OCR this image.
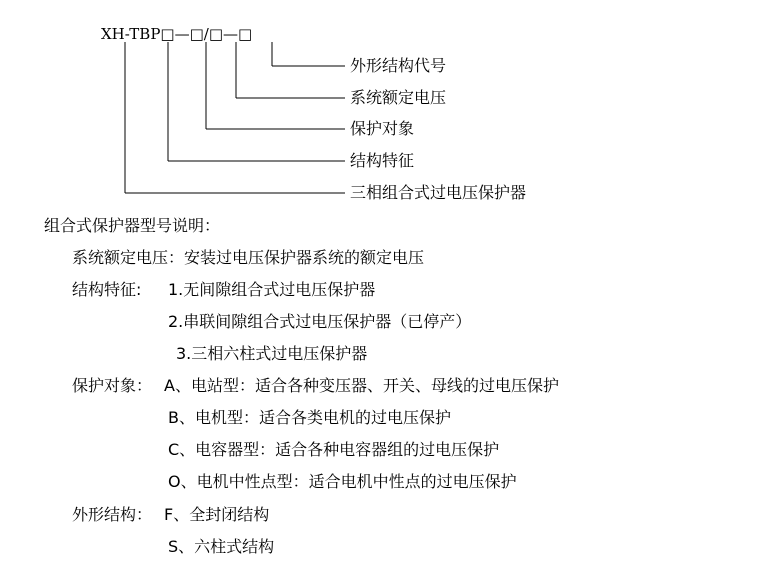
XH-TBP□—□/□—□
外形结构代号
系统额定电压
保护对象
结构特征
三相组合式过电压保护器
组合式保护器型号说明：
系统额定电压：安装过电压保护器系统的额定电压
结构特征: 1.无间隙组合式过电压保护器
2.串联间隙组合式过电压保护器（已停产）
3.三相六柱式过电压保护器
保护对象： A、电站型：适合各种变压器、开关、母线的过电压保护
B、电机型：适合各类电机的过电压保护
C、电容器型：适合各种电容器组的过电压保护
O、电机中性点型：适合电机中性点的过电压保护
外形结构： F、全封闭结构
S、六柱式结构
